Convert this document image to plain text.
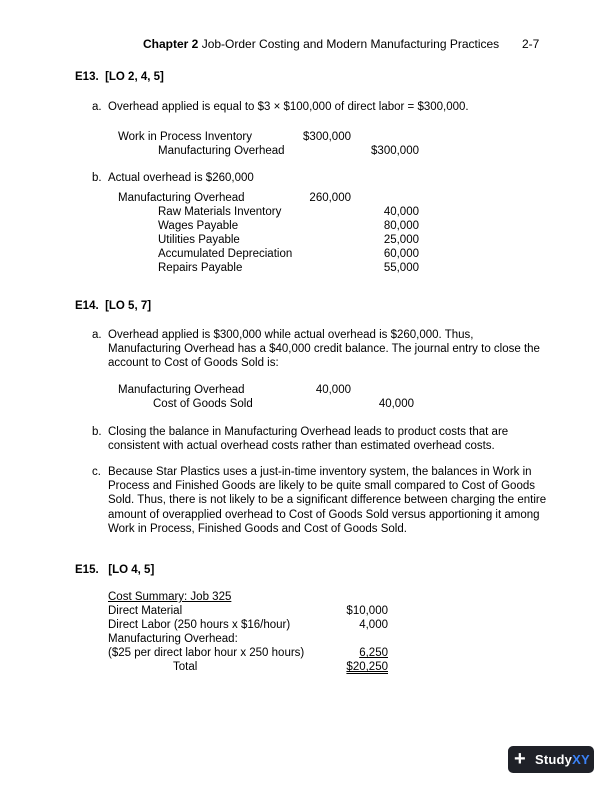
Chapter 2 Job-Order Costing and Modern Manufacturing Practices 2-7
E13. [LO 2, 4, 5]
a. Overhead applied is equal to $3 × $100,000 of direct labor = $300,000.
Work in Process Inventory	$300,000
Manufacturing Overhead	$300,000
b. Actual overhead is $260,000
Manufacturing Overhead	260,000
Raw Materials Inventory	40,000
Wages Payable	80,000
Utilities Payable	25,000
Accumulated Depreciation	60,000
Repairs Payable	55,000
E14. [LO 5, 7]
a. Overhead applied is $300,000 while actual overhead is $260,000. Thus, Manufacturing Overhead has a $40,000 credit balance. The journal entry to close the account to Cost of Goods Sold is:
Manufacturing Overhead	40,000
Cost of Goods Sold	40,000
b. Closing the balance in Manufacturing Overhead leads to product costs that are consistent with actual overhead costs rather than estimated overhead costs.
c. Because Star Plastics uses a just-in-time inventory system, the balances in Work in Process and Finished Goods are likely to be quite small compared to Cost of Goods Sold. Thus, there is not likely to be a significant difference between charging the entire amount of overapplied overhead to Cost of Goods Sold versus apportioning it among Work in Process, Finished Goods and Cost of Goods Sold.
E15. [LO 4, 5]
Cost Summary: Job 325
Direct Material	$10,000
Direct Labor (250 hours x $16/hour)	4,000
Manufacturing Overhead:
($25 per direct labor hour x 250 hours)	6,250
Total	$20,250
+ StudyXY
